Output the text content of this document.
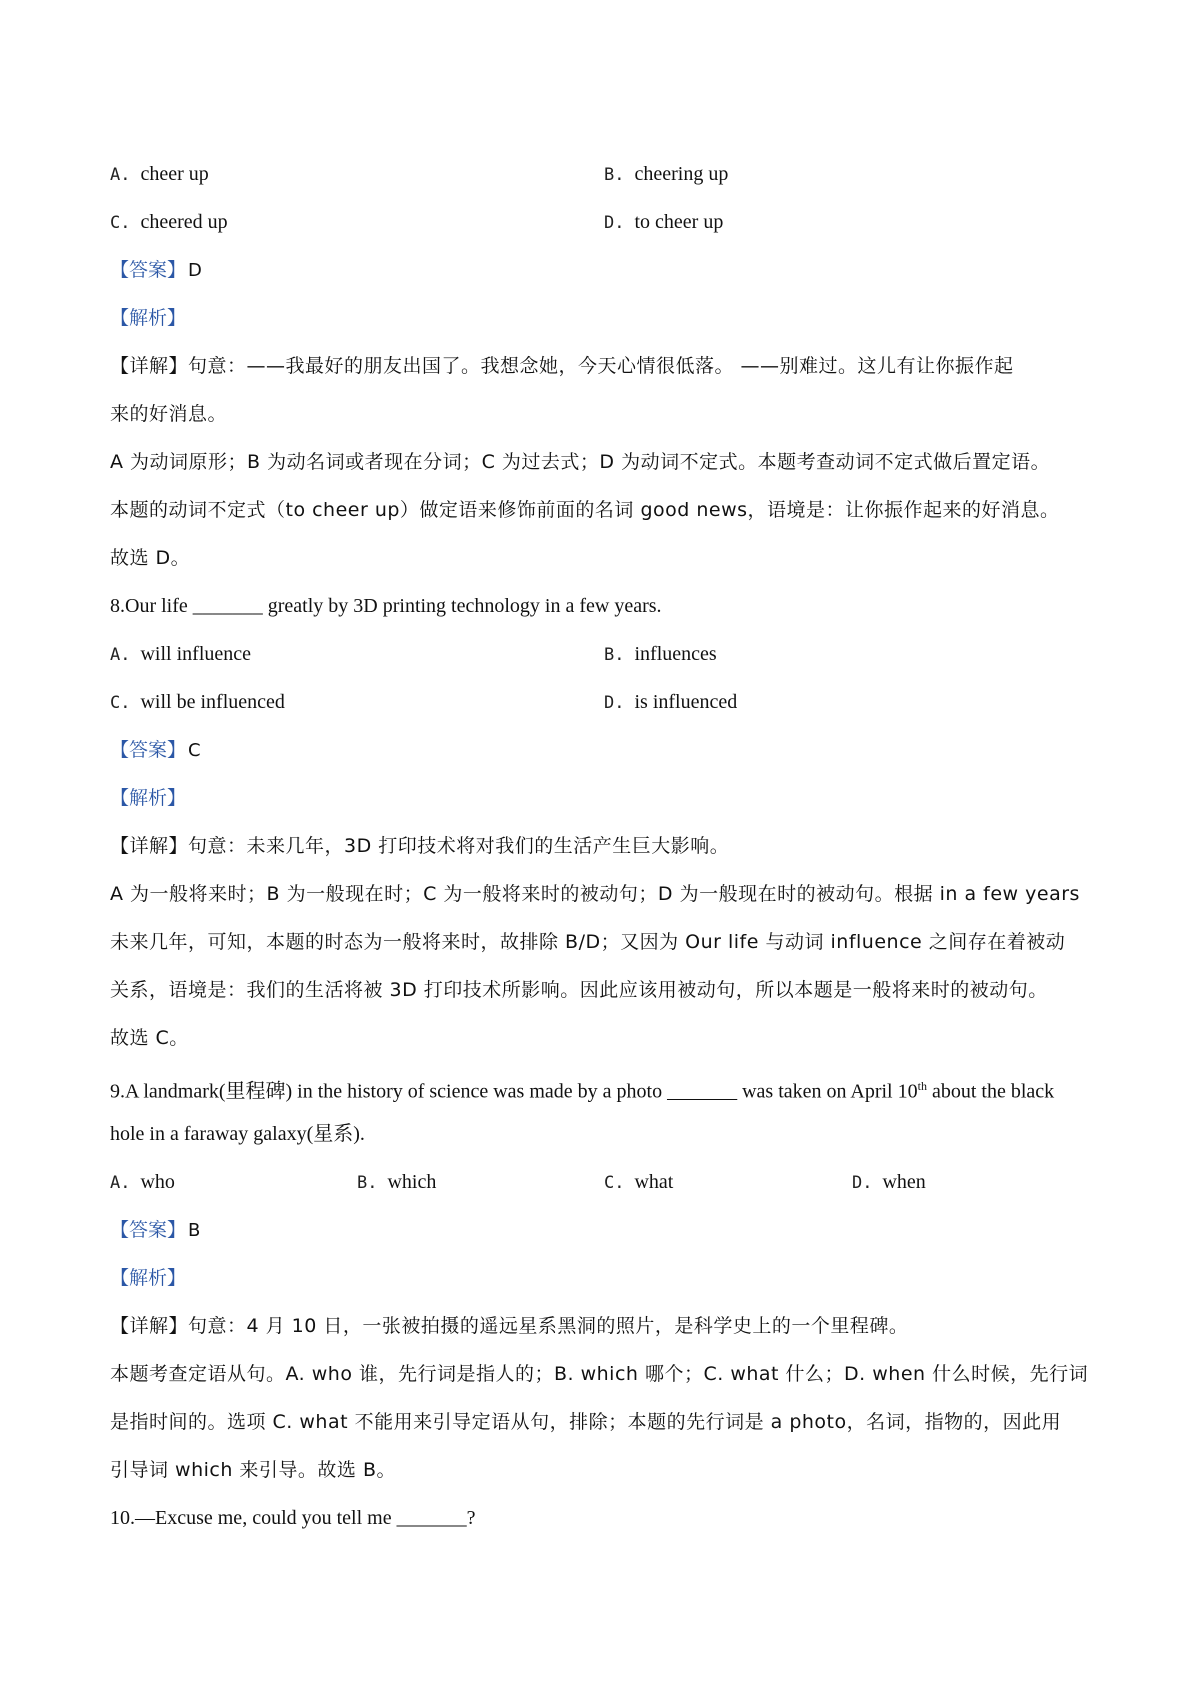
A. cheer up	B. cheering up
C. cheered up	D. to cheer up
【答案】 D
【解析】
【详解】句意：——我最好的朋友出国了。我想念她，今天心情很低落。 ——别难过。这儿有让你振作起
来的好消息。
A 为动词原形；B 为动名词或者现在分词；C 为过去式；D 为动词不定式。本题考查动词不定式做后置定语。
本题的动词不定式（to cheer up）做定语来修饰前面的名词 good news，语境是：让你振作起来的好消息。
故选 D。
8.Our life _______ greatly by 3D printing technology in a few years.
A. will influence	B. influences
C. will be influenced	D. is influenced
【答案】 C
【解析】
【详解】句意：未来几年，3D 打印技术将对我们的生活产生巨大影响。
A 为一般将来时；B 为一般现在时；C 为一般将来时的被动句；D 为一般现在时的被动句。根据 in a few years
未来几年，可知，本题的时态为一般将来时，故排除 B/D；又因为 Our life 与动词 influence 之间存在着被动
关系，语境是：我们的生活将被 3D 打印技术所影响。因此应该用被动句，所以本题是一般将来时的被动句。
故选 C。
9.A landmark(里程碑) in the history of science was made by a photo _______ was taken on April 10th about the black
hole in a faraway galaxy(星系).
A. who	B. which	C. what	D. when
【答案】 B
【解析】
【详解】句意：4 月 10 日，一张被拍摄的遥远星系黑洞的照片，是科学史上的一个里程碑。
本题考查定语从句。A. who 谁，先行词是指人的；B. which 哪个；C. what 什么；D. when 什么时候，先行词
是指时间的。选项 C. what 不能用来引导定语从句，排除；本题的先行词是 a photo，名词，指物的，因此用
引导词 which 来引导。故选 B。
10.—Excuse me, could you tell me _______?
